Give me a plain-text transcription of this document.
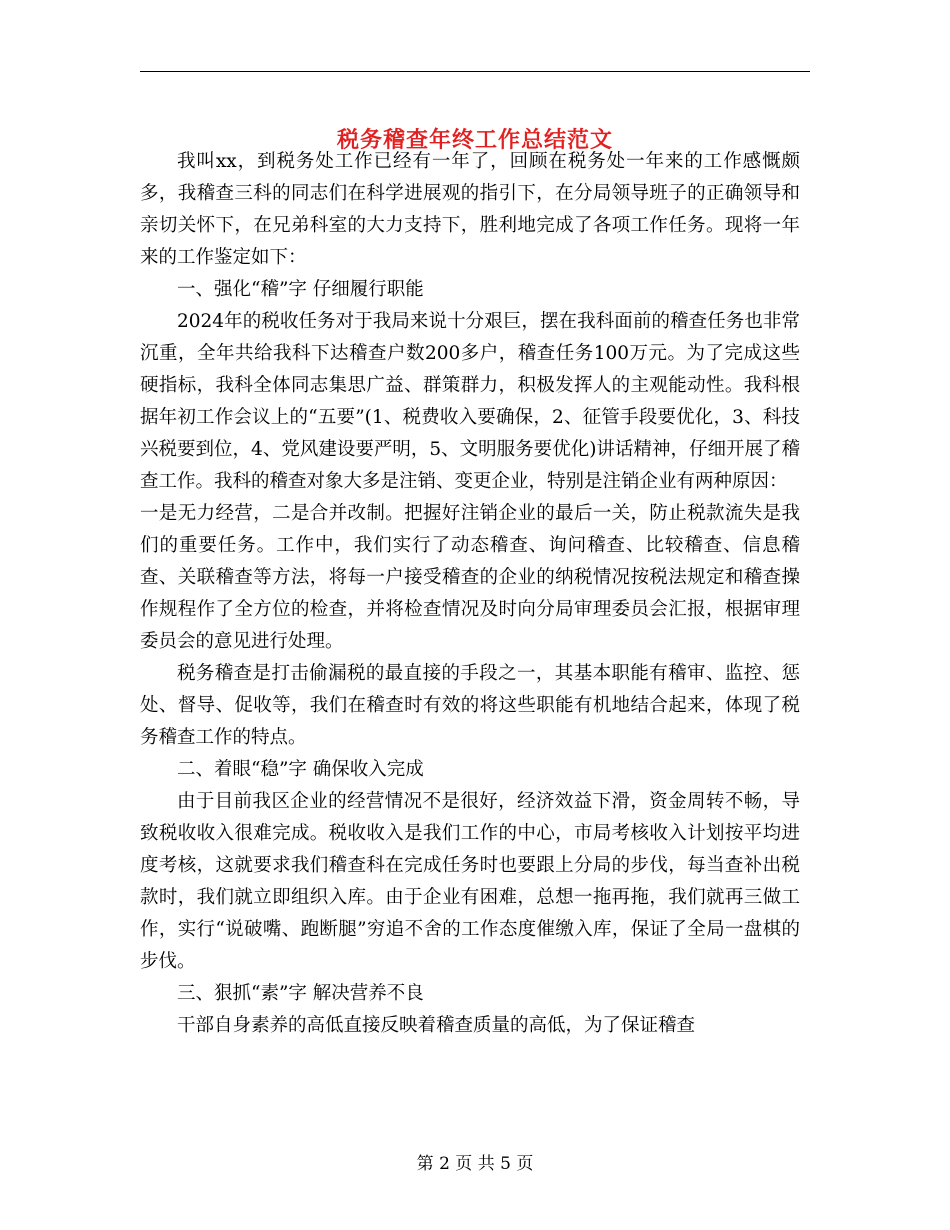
税务稽查年终工作总结范文

我叫xx，到税务处工作已经有一年了，回顾在税务处一年来的工作感慨颇多，我稽查三科的同志们在科学进展观的指引下，在分局领导班子的正确领导和亲切关怀下，在兄弟科室的大力支持下，胜利地完成了各项工作任务。现将一年来的工作鉴定如下：

一、强化“稽”字 仔细履行职能

2024年的税收任务对于我局来说十分艰巨，摆在我科面前的稽查任务也非常沉重，全年共给我科下达稽查户数200多户，稽查任务100万元。为了完成这些硬指标，我科全体同志集思广益、群策群力，积极发挥人的主观能动性。我科根据年初工作会议上的“五要”(1、税费收入要确保，2、征管手段要优化，3、科技兴税要到位，4、党风建设要严明，5、文明服务要优化)讲话精神，仔细开展了稽查工作。我科的稽查对象大多是注销、变更企业，特别是注销企业有两种原因：

一是无力经营，二是合并改制。把握好注销企业的最后一关，防止税款流失是我们的重要任务。工作中，我们实行了动态稽查、询问稽查、比较稽查、信息稽查、关联稽查等方法，将每一户接受稽查的企业的纳税情况按税法规定和稽查操作规程作了全方位的检查，并将检查情况及时向分局审理委员会汇报，根据审理委员会的意见进行处理。

税务稽查是打击偷漏税的最直接的手段之一，其基本职能有稽审、监控、惩处、督导、促收等，我们在稽查时有效的将这些职能有机地结合起来，体现了税务稽查工作的特点。

二、着眼“稳”字 确保收入完成

由于目前我区企业的经营情况不是很好，经济效益下滑，资金周转不畅，导致税收收入很难完成。税收收入是我们工作的中心，市局考核收入计划按平均进度考核，这就要求我们稽查科在完成任务时也要跟上分局的步伐，每当查补出税款时，我们就立即组织入库。由于企业有困难，总想一拖再拖，我们就再三做工作，实行“说破嘴、跑断腿”穷追不舍的工作态度催缴入库，保证了全局一盘棋的步伐。

三、狠抓“素”字 解决营养不良

干部自身素养的高低直接反映着稽查质量的高低，为了保证稽查

第 2 页 共 5 页
